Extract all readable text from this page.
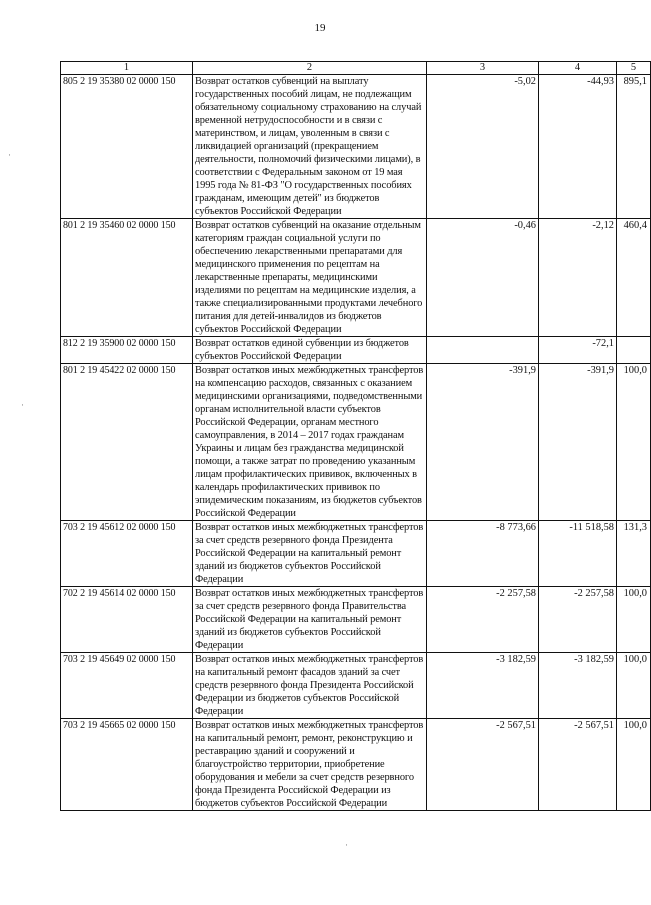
19
1	2	3	4	5
805 2 19 35380 02 0000 150	Возврат остатков субвенций на выплату государственных пособий лицам, не подлежащим обязательному социальному страхованию на случай временной нетрудоспособности и в связи с материнством, и лицам, уволенным в связи с ликвидацией организаций (прекращением деятельности, полномочий физическими лицами), в соответствии с Федеральным законом от 19 мая 1995 года № 81-ФЗ "О государственных пособиях гражданам, имеющим детей" из бюджетов субъектов Российской Федерации	-5,02	-44,93	895,1
801 2 19 35460 02 0000 150	Возврат остатков субвенций на оказание отдельным категориям граждан социальной услуги по обеспечению лекарственными препаратами для медицинского применения по рецептам на лекарственные препараты, медицинскими изделиями по рецептам на медицинские изделия, а также специализированными продуктами лечебного питания для детей-инвалидов из бюджетов субъектов Российской Федерации	-0,46	-2,12	460,4
812 2 19 35900 02 0000 150	Возврат остатков единой субвенции из бюджетов субъектов Российской Федерации		-72,1	
801 2 19 45422 02 0000 150	Возврат остатков иных межбюджетных трансфертов на компенсацию расходов, связанных с оказанием медицинскими организациями, подведомственными органам исполнительной власти субъектов Российской Федерации, органам местного самоуправления, в 2014 – 2017 годах гражданам Украины и лицам без гражданства медицинской помощи, а также затрат по проведению указанным лицам профилактических прививок, включенных в календарь профилактических прививок по эпидемическим показаниям, из бюджетов субъектов Российской Федерации	-391,9	-391,9	100,0
703 2 19 45612 02 0000 150	Возврат остатков иных межбюджетных трансфертов за счет средств резервного фонда Президента Российской Федерации на капитальный ремонт зданий из бюджетов субъектов Российской Федерации	-8 773,66	-11 518,58	131,3
702 2 19 45614 02 0000 150	Возврат остатков иных межбюджетных трансфертов за счет средств резервного фонда Правительства Российской Федерации на капитальный ремонт зданий из бюджетов субъектов Российской Федерации	-2 257,58	-2 257,58	100,0
703 2 19 45649 02 0000 150	Возврат остатков иных межбюджетных трансфертов на капитальный ремонт фасадов зданий за счет средств резервного фонда Президента Российской Федерации из бюджетов субъектов Российской Федерации	-3 182,59	-3 182,59	100,0
703 2 19 45665 02 0000 150	Возврат остатков иных межбюджетных трансфертов на капитальный ремонт, ремонт, реконструкцию и реставрацию зданий и сооружений и благоустройство территории, приобретение оборудования и мебели за счет средств резервного фонда Президента Российской Федерации из бюджетов субъектов Российской Федерации	-2 567,51	-2 567,51	100,0
·
·
·
